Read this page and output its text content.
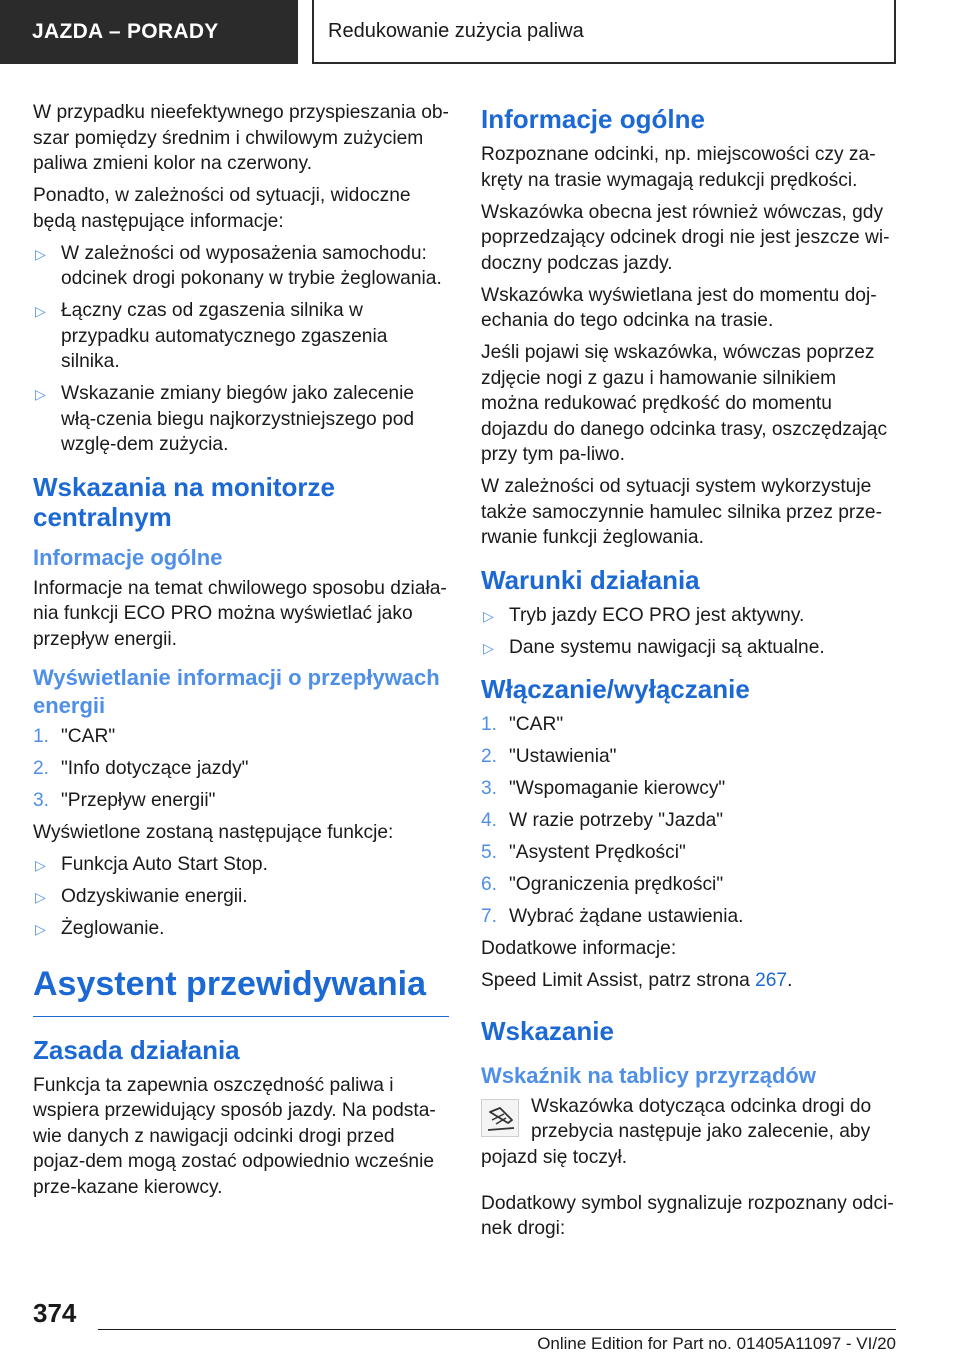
JAZDA – PORADY	Redukowanie zużycia paliwa

W przypadku nieefektywnego przyspieszania ob-szar pomiędzy średnim i chwilowym zużyciem paliwa zmieni kolor na czerwony.

Ponadto, w zależności od sytuacji, widoczne będą następujące informacje:

▷ W zależności od wyposażenia samochodu: odcinek drogi pokonany w trybie żeglowania.
▷ Łączny czas od zgaszenia silnika w przypadku automatycznego zgaszenia silnika.
▷ Wskazanie zmiany biegów jako zalecenie włą-czenia biegu najkorzystniejszego pod wzglę-dem zużycia.
Wskazania na monitorze centralnym
Informacje ogólne

Informacje na temat chwilowego sposobu działa-nia funkcji ECO PRO można wyświetlać jako przepływ energii.

Wyświetlanie informacji o przepływach energii
1. "CAR"
2. "Info dotyczące jazdy"
3. "Przepływ energii"

Wyświetlone zostaną następujące funkcje:

▷ Funkcja Auto Start Stop.
▷ Odzyskiwanie energii.
▷ Żeglowanie.
Asystent przewidywania
Zasada działania

Funkcja ta zapewnia oszczędność paliwa i wspiera przewidujący sposób jazdy. Na podsta-wie danych z nawigacji odcinki drogi przed pojaz-dem mogą zostać odpowiednio wcześnie prze-kazane kierowcy.

Informacje ogólne

Rozpoznane odcinki, np. miejscowości czy za-kręty na trasie wymagają redukcji prędkości.

Wskazówka obecna jest również wówczas, gdy poprzedzający odcinek drogi nie jest jeszcze wi-doczny podczas jazdy.

Wskazówka wyświetlana jest do momentu doj-echania do tego odcinka na trasie.

Jeśli pojawi się wskazówka, wówczas poprzez zdjęcie nogi z gazu i hamowanie silnikiem można redukować prędkość do momentu dojazdu do danego odcinka trasy, oszczędzając przy tym pa-liwo.

W zależności od sytuacji system wykorzystuje także samoczynnie hamulec silnika przez prze-rwanie funkcji żeglowania.

Warunki działania
▷ Tryb jazdy ECO PRO jest aktywny.
▷ Dane systemu nawigacji są aktualne.
Włączanie/wyłączanie
1. "CAR"
2. "Ustawienia"
3. "Wspomaganie kierowcy"
4. W razie potrzeby "Jazda"
5. "Asystent Prędkości"
6. "Ograniczenia prędkości"
7. Wybrać żądane ustawienia.

Dodatkowe informacje:

Speed Limit Assist, patrz strona 267.

Wskazanie
Wskaźnik na tablicy przyrządów

Wskazówka dotycząca odcinka drogi do przebycia następuje jako zalecenie, aby pojazd się toczył.

Dodatkowy symbol sygnalizuje rozpoznany odci-nek drogi:

374
Online Edition for Part no. 01405A11097 - VI/20
